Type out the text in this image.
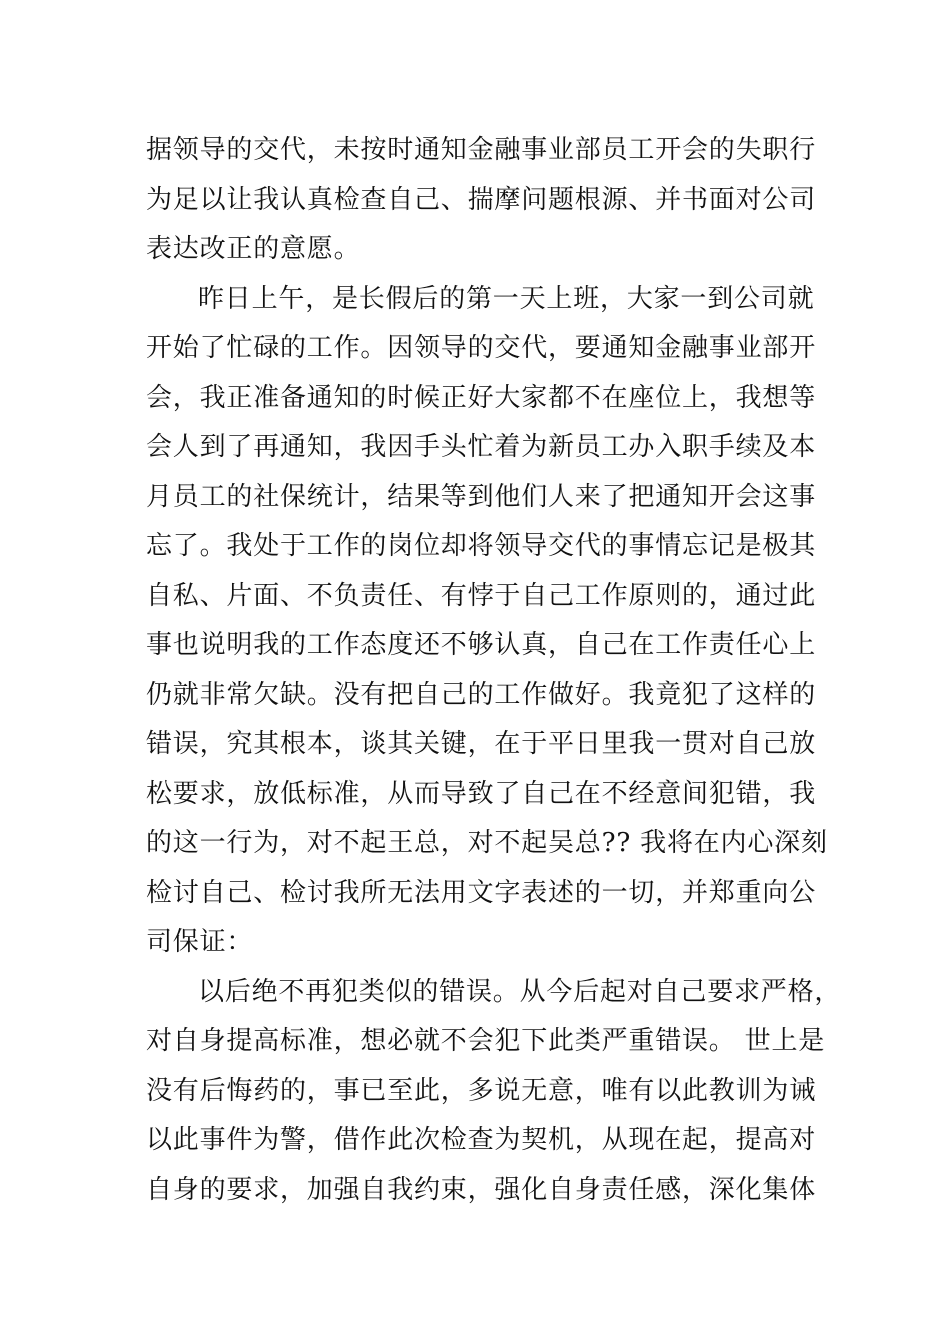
据领导的交代，未按时通知金融事业部员工开会的失职行
为足以让我认真检查自己、揣摩问题根源、并书面对公司
表达改正的意愿。
昨日上午，是长假后的第一天上班，大家一到公司就
开始了忙碌的工作。因领导的交代，要通知金融事业部开
会，我正准备通知的时候正好大家都不在座位上，我想等
会人到了再通知，我因手头忙着为新员工办入职手续及本
月员工的社保统计，结果等到他们人来了把通知开会这事
忘了。我处于工作的岗位却将领导交代的事情忘记是极其
自私、片面、不负责任、有悖于自己工作原则的，通过此
事也说明我的工作态度还不够认真，自己在工作责任心上
仍就非常欠缺。没有把自己的工作做好。我竟犯了这样的
错误，究其根本，谈其关键，在于平日里我一贯对自己放
松要求，放低标准，从而导致了自己在不经意间犯错，我
的这一行为，对不起王总，对不起吴总?? 我将在内心深刻
检讨自己、检讨我所无法用文字表述的一切，并郑重向公
司保证：
以后绝不再犯类似的错误。从今后起对自己要求严格，
对自身提高标准，想必就不会犯下此类严重错误。 世上是
没有后悔药的，事已至此，多说无意，唯有以此教训为诫
以此事件为警，借作此次检查为契机，从现在起，提高对
自身的要求，加强自我约束，强化自身责任感，深化集体
